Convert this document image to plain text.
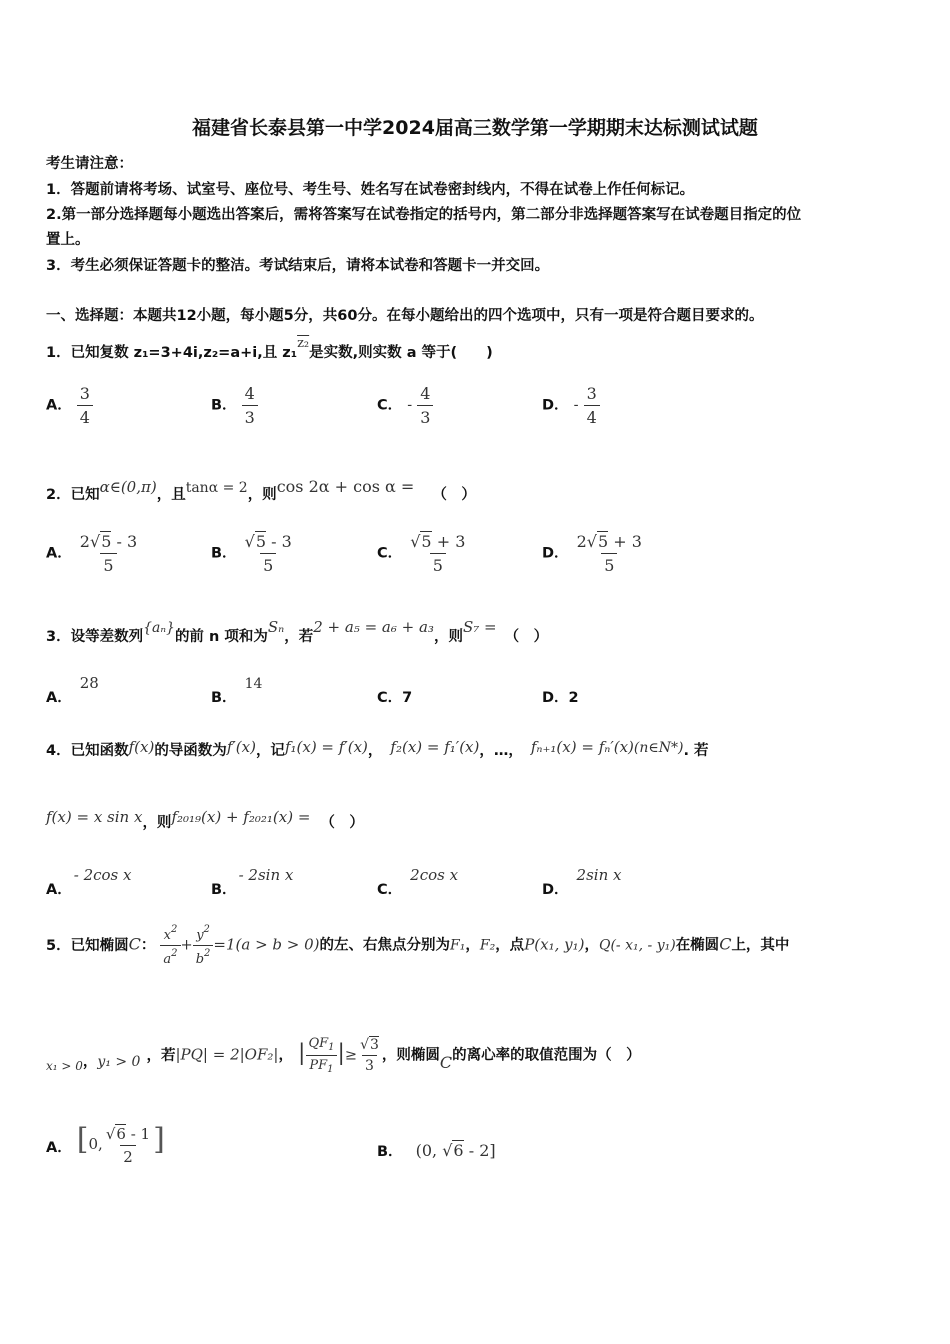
福建省长泰县第一中学2024届高三数学第一学期期末达标测试试题
考生请注意：
1．答题前请将考场、试室号、座位号、考生号、姓名写在试卷密封线内，不得在试卷上作任何标记。
2.第一部分选择题每小题选出答案后，需将答案写在试卷指定的括号内，第二部分非选择题答案写在试卷题目指定的位
置上。
3．考生必须保证答题卡的整洁。考试结束后，请将本试卷和答题卡一并交回。
一、选择题：本题共12小题，每小题5分，共60分。在每小题给出的四个选项中，只有一项是符合题目要求的。
1．已知复数 z₁=3+4i,z₂=a+i,且 z₁z₂是实数,则实数 a 等于(　　)
A． $\frac{3}{4}$	B． $\frac{4}{3}$	C． - $\frac{4}{3}$	D． - $\frac{3}{4}$
2．已知α∈(0,π)，且tanα = 2，则cos 2α + cos α = （　）
A． $\frac{2√5 - 3}{5}$	B． $\frac{√5 - 3}{5}$	C． $\frac{√5 + 3}{5}$	D． $\frac{2√5 + 3}{5}$
3．设等差数列{aₙ}的前 n 项和为Sₙ，若2 + a₅ = a₆ + a₃，则S₇ =（　）
A．28
B．14
C．7	D．2
4．已知函数f(x)的导函数为f′(x)，记f₁(x) = f′(x)， f₂(x) = f₁′(x)，…， fₙ₊₁(x) = fₙ′(x)(n∈N*). 若
f(x) = x sin x，则f₂₀₁₉(x) + f₂₀₂₁(x) = （　）
A．- 2cos x
B．- 2sin x
C．2cos x
D．2sin x
5．已知椭圆C： $\frac{x^2}{a^2} + \frac{y^2}{b^2} =1(a > b > 0)$的左、右焦点分别为F₁，F₂，点P(x₁, y₁)，Q(- x₁, - y₁)在椭圆C上，其中
$_{x_1 > 0}$，y₁ > 0 ，若|PQ| = 2|OF₂|， | $\frac{QF_1}{PF_1}$ |≥ $\frac{√3}{3}$ ，则椭圆C的离心率的取值范围为（　）
A． [0, $\frac{√6 - 1}{2}$ ]	B． (0, √6 - 2]
